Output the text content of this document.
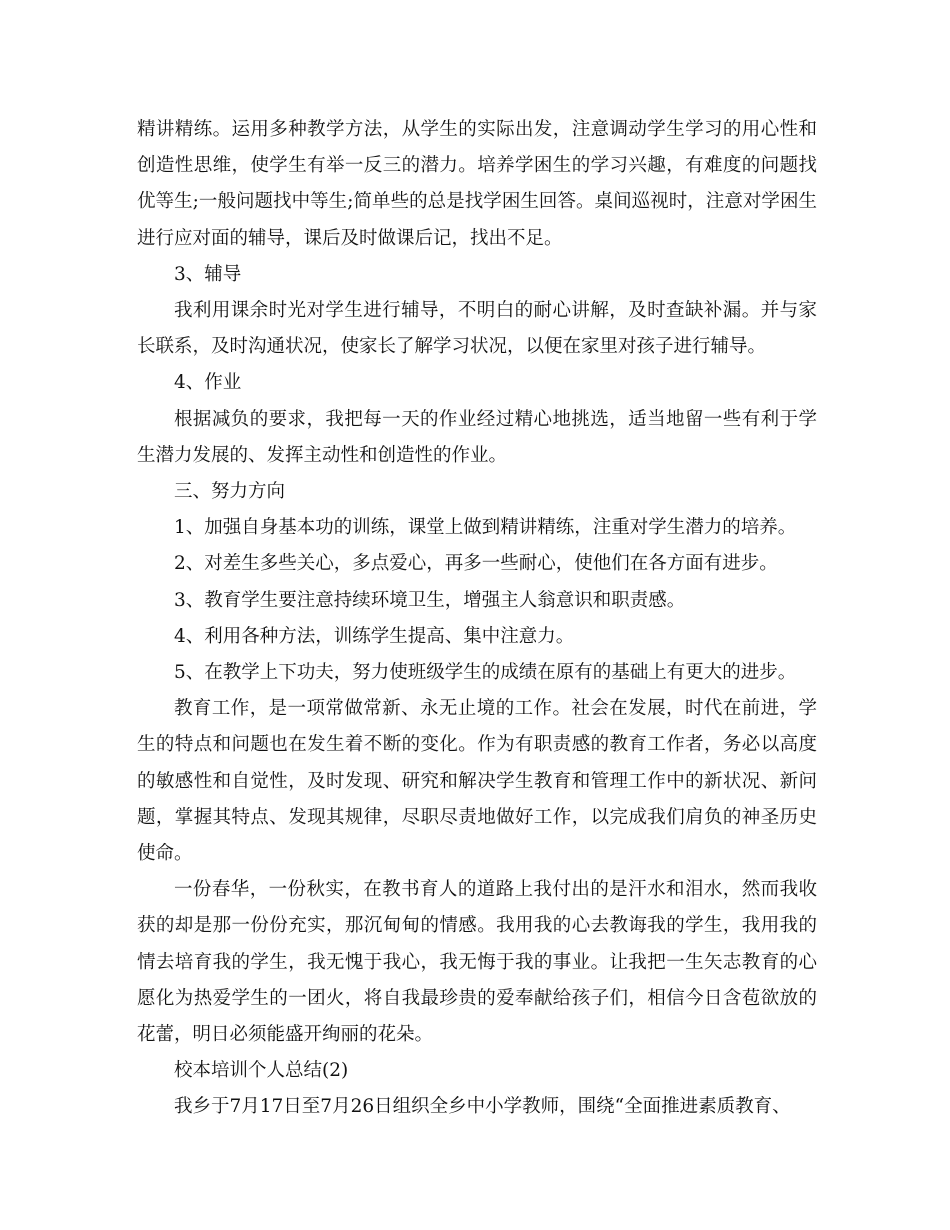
精讲精练。运用多种教学方法，从学生的实际出发，注意调动学生学习的用心性和创造性思维，使学生有举一反三的潜力。培养学困生的学习兴趣，有难度的问题找优等生;一般问题找中等生;简单些的总是找学困生回答。桌间巡视时，注意对学困生进行应对面的辅导，课后及时做课后记，找出不足。

3、辅导

我利用课余时光对学生进行辅导，不明白的耐心讲解，及时查缺补漏。并与家长联系，及时沟通状况，使家长了解学习状况，以便在家里对孩子进行辅导。

4、作业

根据减负的要求，我把每一天的作业经过精心地挑选，适当地留一些有利于学生潜力发展的、发挥主动性和创造性的作业。

三、努力方向

1、加强自身基本功的训练，课堂上做到精讲精练，注重对学生潜力的培养。

2、对差生多些关心，多点爱心，再多一些耐心，使他们在各方面有进步。

3、教育学生要注意持续环境卫生，增强主人翁意识和职责感。

4、利用各种方法，训练学生提高、集中注意力。

5、在教学上下功夫，努力使班级学生的成绩在原有的基础上有更大的进步。

教育工作，是一项常做常新、永无止境的工作。社会在发展，时代在前进，学生的特点和问题也在发生着不断的变化。作为有职责感的教育工作者，务必以高度的敏感性和自觉性，及时发现、研究和解决学生教育和管理工作中的新状况、新问题，掌握其特点、发现其规律，尽职尽责地做好工作，以完成我们肩负的神圣历史使命。

一份春华，一份秋实，在教书育人的道路上我付出的是汗水和泪水，然而我收获的却是那一份份充实，那沉甸甸的情感。我用我的心去教诲我的学生，我用我的情去培育我的学生，我无愧于我心，我无悔于我的事业。让我把一生矢志教育的心愿化为热爱学生的一团火，将自我最珍贵的爱奉献给孩子们，相信今日含苞欲放的花蕾，明日必须能盛开绚丽的花朵。

校本培训个人总结(2)

我乡于7月17日至7月26日组织全乡中小学教师，围绕“全面推进素质教育、
